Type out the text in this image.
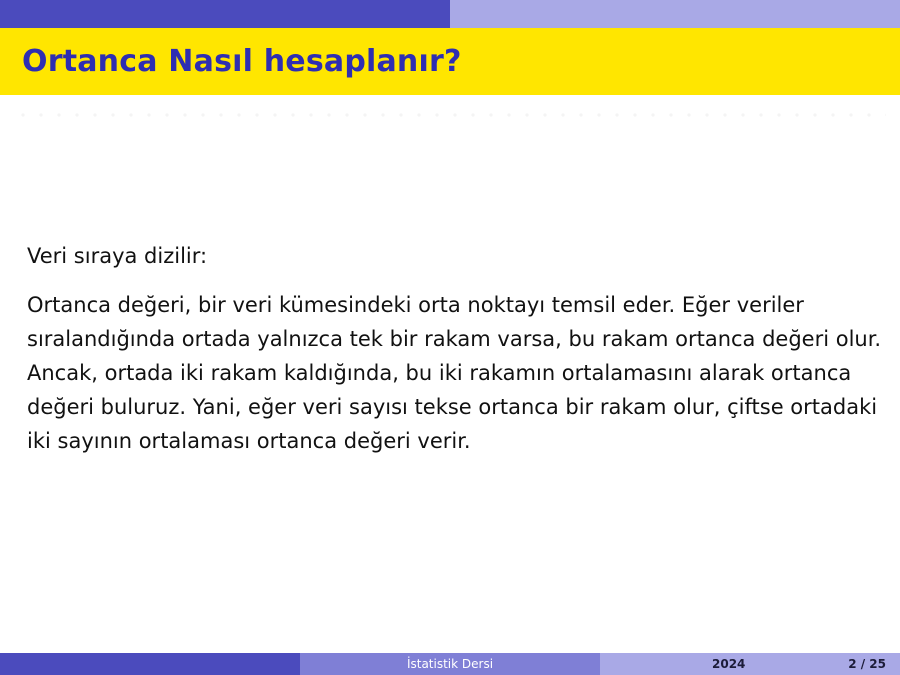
Ortanca Nasıl hesaplanır?

Veri sıraya dizilir:

Ortanca değeri, bir veri kümesindeki orta noktayı temsil eder. Eğer veriler sıralandığında ortada yalnızca tek bir rakam varsa, bu rakam ortanca değeri olur. Ancak, ortada iki rakam kaldığında, bu iki rakamın ortalamasını alarak ortanca değeri buluruz. Yani, eğer veri sayısı tekse ortanca bir rakam olur, çiftse ortadaki iki sayının ortalaması ortanca değeri verir.

İstatistik Dersi	2024	2 / 25
